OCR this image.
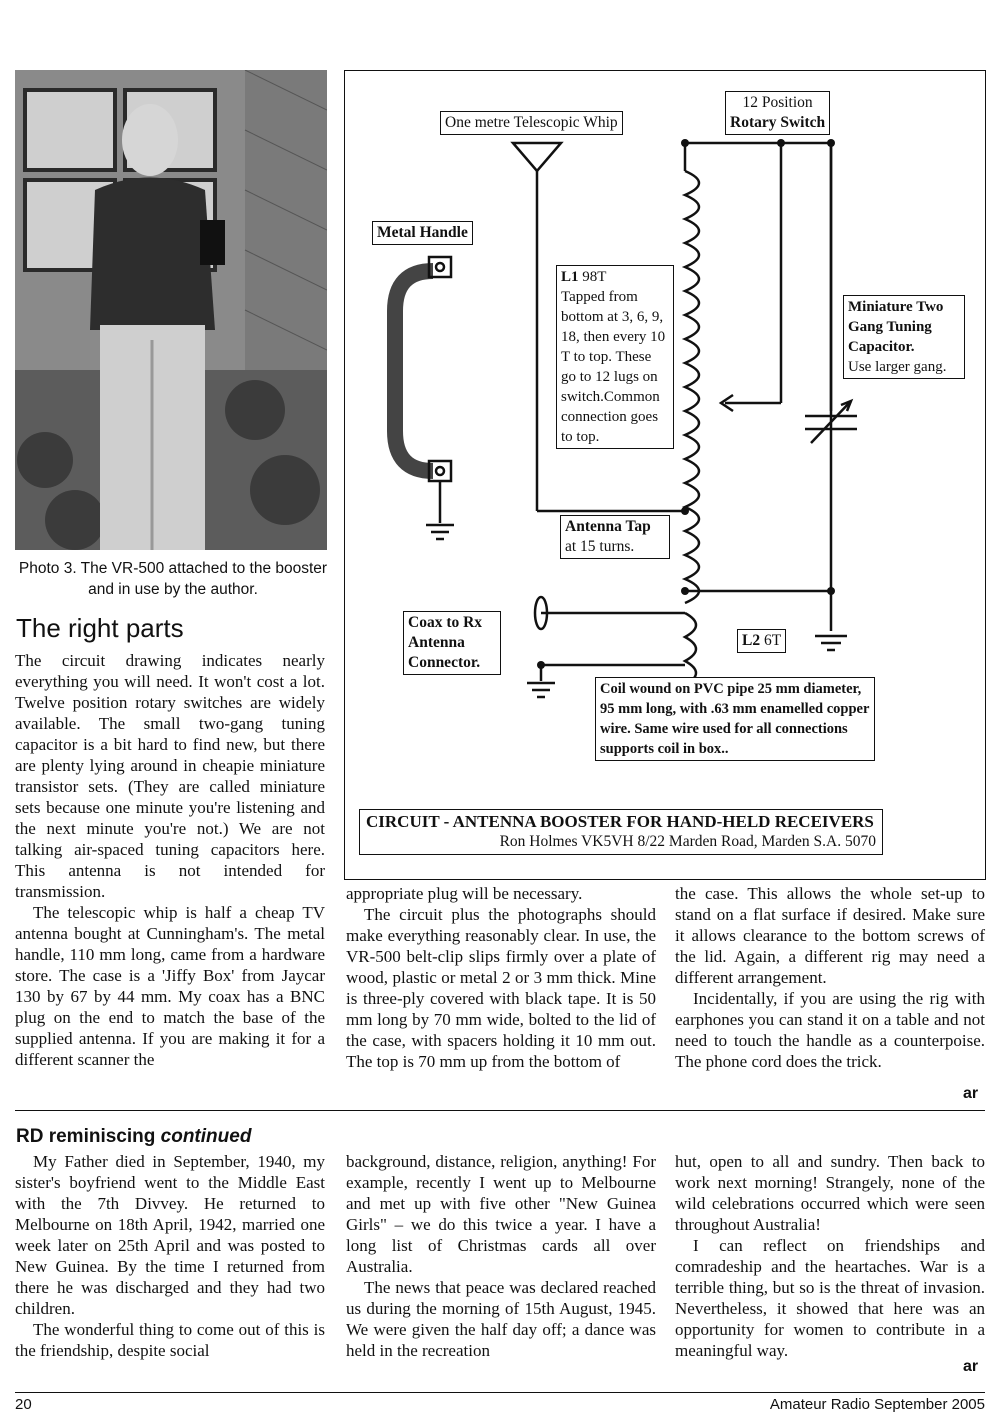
Photo 3. The VR-500 attached to the booster and in use by the author.
The right parts

The circuit drawing indicates nearly everything you will need. It won't cost a lot. Twelve position rotary switches are widely available. The small two-gang tuning capacitor is a bit hard to find new, but there are plenty lying around in cheapie miniature transistor sets. (They are called miniature sets because one minute you're listening and the next minute you're not.) We are not talking air-spaced tuning capacitors here. This antenna is not intended for transmission.

The telescopic whip is half a cheap TV antenna bought at Cunningham's. The metal handle, 110 mm long, came from a hardware store. The case is a 'Jiffy Box' from Jaycar 130 by 67 by 44 mm. My coax has a BNC plug on the end to match the base of the supplied antenna. If you are making it for a different scanner the

One metre Telescopic Whip
12 Position
Rotary Switch
Metal Handle
L1 98T
Tapped from bottom at 3, 6, 9, 18, then every 10 T to top. These go to 12 lugs on switch.Common connection goes to top.
Miniature Two Gang Tuning Capacitor.
Use larger gang.
Antenna Tap
at 15 turns.
Coax to Rx Antenna Connector.
L2 6T
Coil wound on PVC pipe 25 mm diameter, 95 mm long, with .63 mm enamelled copper wire. Same wire used for all connections supports coil in box..
CIRCUIT - ANTENNA BOOSTER FOR HAND-HELD RECEIVERS
Ron Holmes VK5VH 8/22 Marden Road, Marden S.A. 5070

appropriate plug will be necessary.

The circuit plus the photographs should make everything reasonably clear. In use, the VR-500 belt-clip slips firmly over a plate of wood, plastic or metal 2 or 3 mm thick. Mine is three-ply covered with black tape. It is 50 mm long by 70 mm wide, bolted to the lid of the case, with spacers holding it 10 mm out. The top is 70 mm up from the bottom of

the case. This allows the whole set-up to stand on a flat surface if desired. Make sure it allows clearance to the bottom screws of the lid. Again, a different rig may need a different arrangement.

Incidentally, if you are using the rig with earphones you can stand it on a table and not need to touch the handle as a counterpoise. The phone cord does the trick.

ar
RD reminiscing continued

My Father died in September, 1940, my sister's boyfriend went to the Middle East with the 7th Divvey. He returned to Melbourne on 18th April, 1942, married one week later on 25th April and was posted to New Guinea. By the time I returned from there he was discharged and they had two children.

The wonderful thing to come out of this is the friendship, despite social

background, distance, religion, anything! For example, recently I went up to Melbourne and met up with five other "New Guinea Girls" – we do this twice a year. I have a long list of Christmas cards all over Australia.

The news that peace was declared reached us during the morning of 15th August, 1945. We were given the half day off; a dance was held in the recreation

hut, open to all and sundry. Then back to work next morning! Strangely, none of the wild celebrations occurred which were seen throughout Australia!

I can reflect on friendships and comradeship and the heartaches. War is a terrible thing, but so is the threat of invasion. Nevertheless, it showed that here was an opportunity for women to contribute in a meaningful way.

ar
20	Amateur Radio September 2005
